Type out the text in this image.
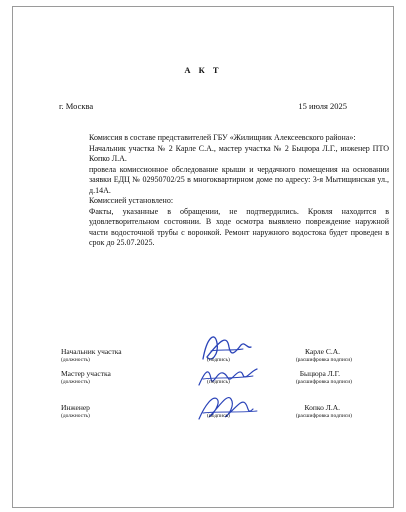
А К Т
г. Москва	15 июля 2025

Комиссия в составе представителей ГБУ «Жилищник Алексеевского района»:

Начальник участка № 2 Карле С.А., мастер участка № 2 Быцюра Л.Г., инженер ПТО Копко Л.А.

провела комиссионное обследование крыши и чердачного помещения на основании заявки ЕДЦ № 02950702/25 в многоквартирном доме по адресу: 3-я Мытищинская ул., д.14А.

Комиссией установлено:

Факты, указанные в обращении, не подтвердились. Кровля находится в удовлетворительном состоянии. В ходе осмотра выявлено повреждение наружной части водосточной трубы с воронкой. Ремонт наружного водостока будет проведен в срок до 25.07.2025.

Начальник участка
(должность)	(подпись)
Карле С.А.
(расшифровка подписи)
Мастер участка
(должность)	(подпись)
Быцюра Л.Г.
(расшифровка подписи)
Инженер
(должность)	(подпись)
Копко Л.А.
(расшифровка подписи)
